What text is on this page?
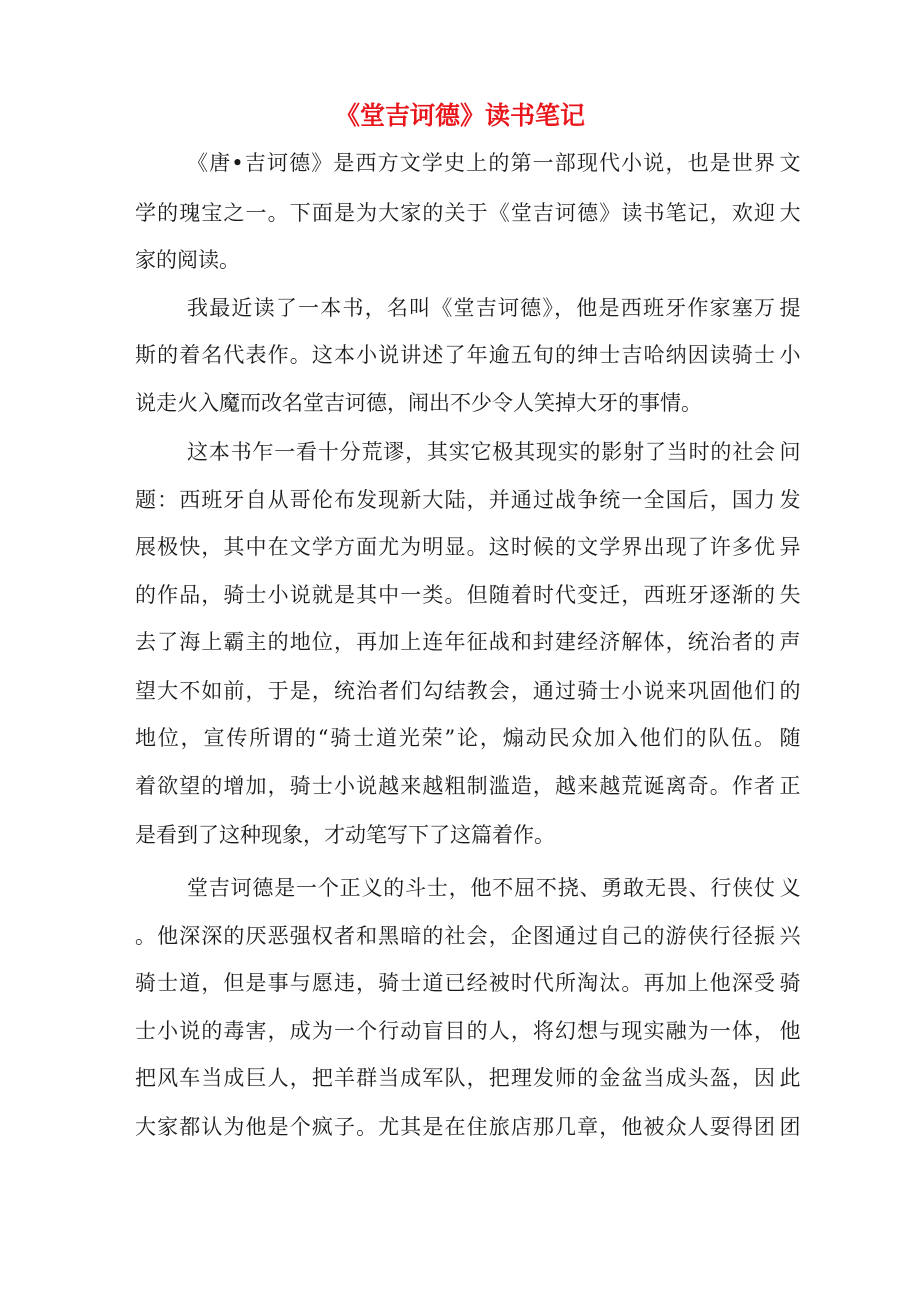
《堂吉诃德》读书笔记
《唐•吉诃德》是西方文学史上的第一部现代小说，也是世界 文
学的瑰宝之一。下面是为大家的关于《堂吉诃德》读书笔记，欢迎 大
家的阅读。
我最近读了一本书，名叫《堂吉诃德》，他是西班牙作家塞万 提
斯的着名代表作。这本小说讲述了年逾五旬的绅士吉哈纳因读骑士 小
说走火入魔而改名堂吉诃德，闹出不少令人笑掉大牙的事情。
这本书乍一看十分荒谬，其实它极其现实的影射了当时的社会 问
题：西班牙自从哥伦布发现新大陆，并通过战争统一全国后，国力 发
展极快，其中在文学方面尤为明显。这时候的文学界出现了许多优 异
的作品，骑士小说就是其中一类。但随着时代变迁，西班牙逐渐的 失
去了海上霸主的地位，再加上连年征战和封建经济解体，统治者的 声
望大不如前，于是，统治者们勾结教会，通过骑士小说来巩固他们 的
地位，宣传所谓的“骑士道光荣”论，煽动民众加入他们的队伍。 随
着欲望的增加，骑士小说越来越粗制滥造，越来越荒诞离奇。作者 正
是看到了这种现象，才动笔写下了这篇着作。
堂吉诃德是一个正义的斗士，他不屈不挠、勇敢无畏、行侠仗 义
。他深深的厌恶强权者和黑暗的社会，企图通过自己的游侠行径振 兴
骑士道，但是事与愿违，骑士道已经被时代所淘汰。再加上他深受 骑
士小说的毒害，成为一个行动盲目的人，将幻想与现实融为一体， 他
把风车当成巨人，把羊群当成军队，把理发师的金盆当成头盔，因 此
大家都认为他是个疯子。尤其是在住旅店那几章，他被众人耍得团 团
